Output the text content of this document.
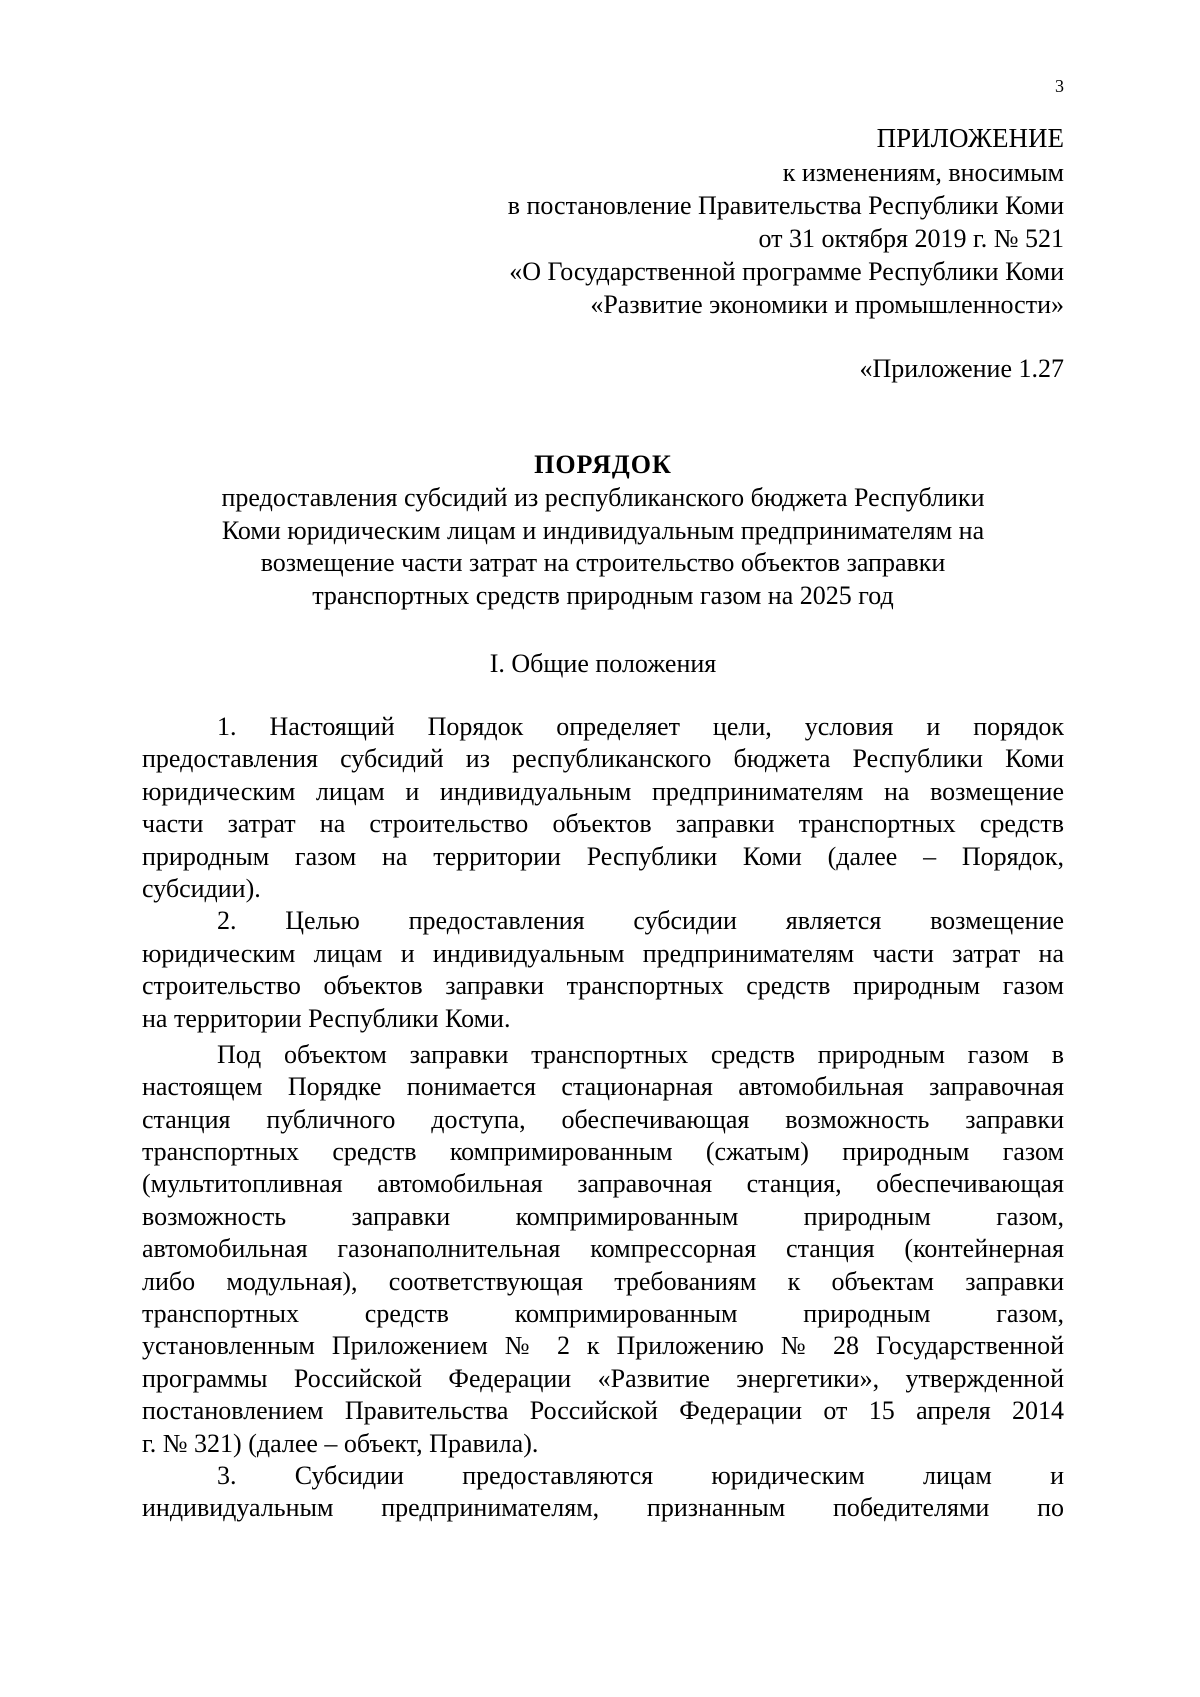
3
ПРИЛОЖЕНИЕ
к изменениям, вносимым
в постановление Правительства Республики Коми
от 31 октября 2019 г. № 521
«О Государственной программе Республики Коми
«Развитие экономики и промышленности»
«Приложение 1.27
ПОРЯДОК
предоставления субсидий из республиканского бюджета Республики
Коми юридическим лицам и индивидуальным предпринимателям на
возмещение части затрат на строительство объектов заправки
транспортных средств природным газом на 2025 год
I. Общие положения
1. Настоящий Порядок определяет цели, условия и порядок
предоставления субсидий из республиканского бюджета Республики Коми
юридическим лицам и индивидуальным предпринимателям на возмещение
части затрат на строительство объектов заправки транспортных средств
природным газом на территории Республики Коми (далее – Порядок,
субсидии).
2. Целью предоставления субсидии является возмещение
юридическим лицам и индивидуальным предпринимателям части затрат на
строительство объектов заправки транспортных средств природным газом
на территории Республики Коми.
Под объектом заправки транспортных средств природным газом в
настоящем Порядке понимается стационарная автомобильная заправочная
станция публичного доступа, обеспечивающая возможность заправки
транспортных средств компримированным (сжатым) природным газом
(мультитопливная автомобильная заправочная станция, обеспечивающая
возможность заправки компримированным природным газом,
автомобильная газонаполнительная компрессорная станция (контейнерная
либо модульная), соответствующая требованиям к объектам заправки
транспортных средств компримированным природным газом,
установленным Приложением № 2 к Приложению № 28 Государственной
программы Российской Федерации «Развитие энергетики», утвержденной
постановлением Правительства Российской Федерации от 15 апреля 2014
г. № 321) (далее – объект, Правила).
3. Субсидии предоставляются юридическим лицам и
индивидуальным предпринимателям, признанным победителями по
